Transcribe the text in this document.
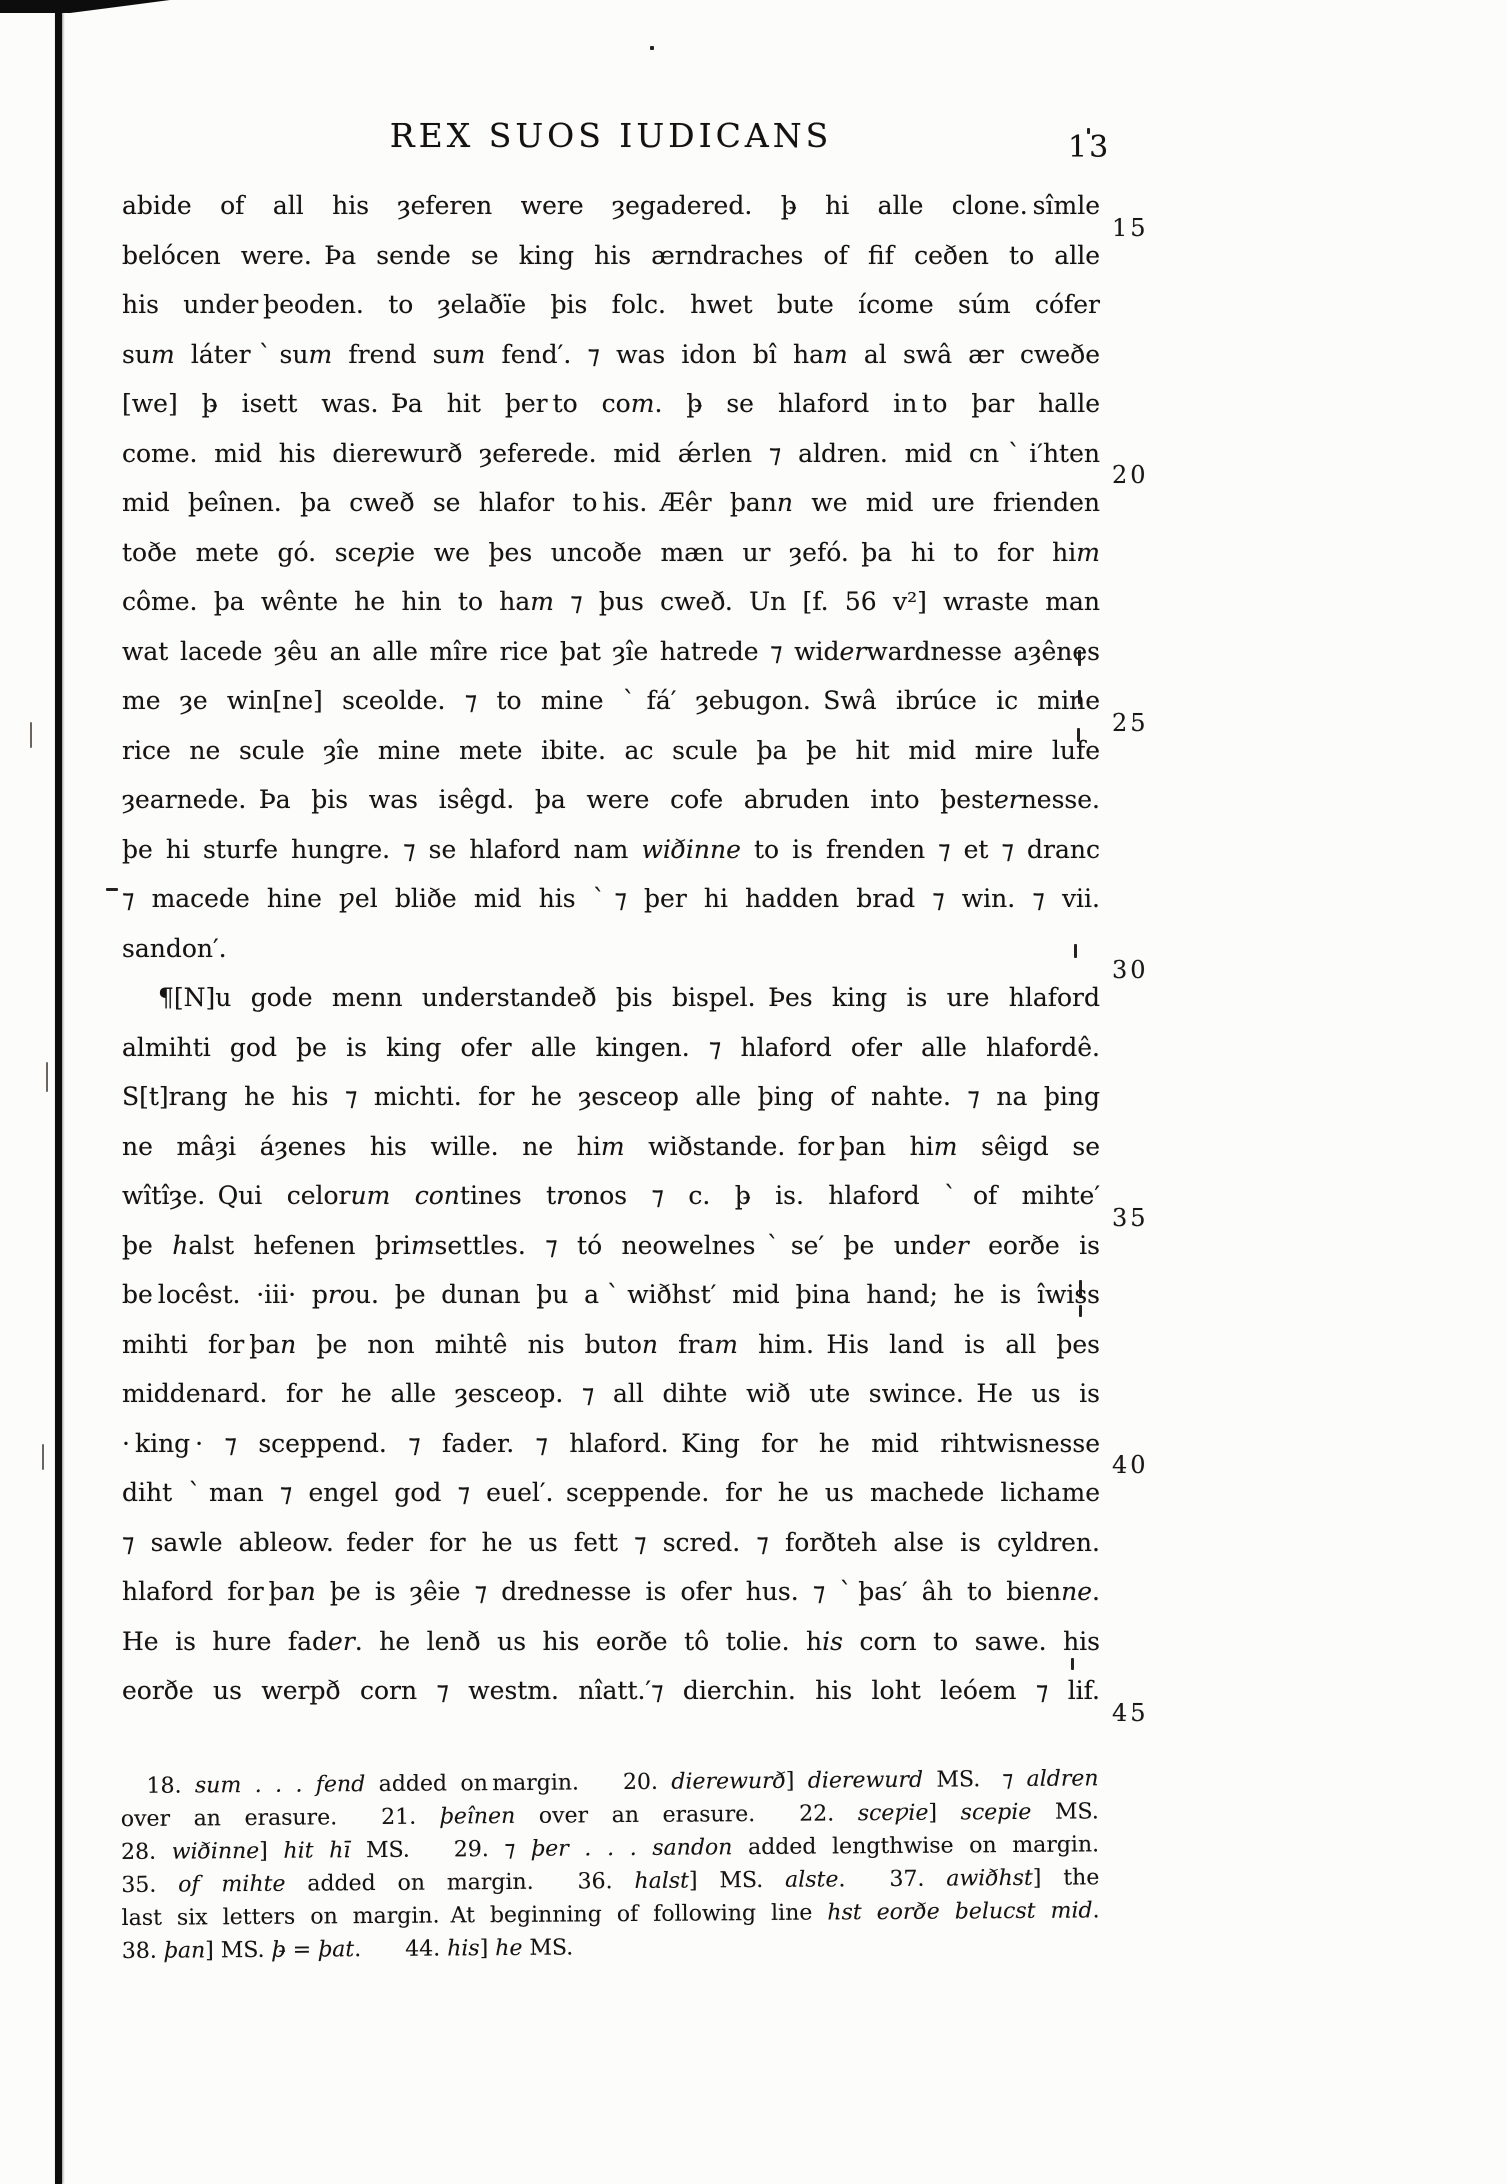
REX SUOS IUDICANS	13
abide of all his ȝeferen were ȝegadered. þ̵ hi alle clone. sîmle
belócen were. Þa sende se king his ærndraches of fif ceðen to alle
his under þeoden. to ȝelaðïe þis folc. hwet bute ícome súm cófer
sum láterˋsum frend sum fend′. ⁊ was idon bî ham al swâ ær cweðe
[we] þ̵ isett was. Þa hit þer to com. þ̵ se hlaford in to þar halle
come. mid his dierewurð ȝeferede. mid ǽrlen ⁊ aldren. mid cnˋi′hten
mid þeînen. þa cweð se hlafor to his. Æêr þann we mid ure frienden
toðe mete gó. sceƿie we þes uncoðe mæn ur ȝefó. þa hi to for him
côme. þa wênte he hin to ham ⁊ þus cweð. Un [f. 56 v²] wraste man
wat lacede ȝêu an alle mîre rice þat ȝîe hatrede ⁊ widerwardnesse aȝênes
me ȝe win[ne] sceolde. ⁊ to mine ˋfá′ ȝebugon. Swâ ibrúce ic mine
rice ne scule ȝîe mine mete ibite. ac scule þa þe hit mid mire lufe
ȝearnede. Þa þis was isêgd. þa were cofe abruden into þesternesse.
þe hi sturfe hungre. ⁊ se hlaford nam wiðinne to is frenden ⁊ et ⁊ dranc
⁊ macede hine ƿel bliðe mid his ˋ⁊ þer hi hadden brad ⁊ win. ⁊ vii.
sandon′.
¶[N]u gode menn understandeð þis bispel. Þes king is ure hlaford
almihti god þe is king ofer alle kingen. ⁊ hlaford ofer alle hlafordê.
S[t]rang he his ⁊ michti. for he ȝesceop alle þing of nahte. ⁊ na þing
ne mâȝi áȝenes his wille. ne him wiðstande. for þan him sêigd se
wîtîȝe. Qui celorum contines tronos ⁊ c. þ̵ is. hlaford ˋof mihte′
þe halst hefenen þrimsettles. ⁊ tó neowelnesˋse′ þe under eorðe is
be locêst. ·iii· prou. þe dunan þu aˋwiðhst′ mid þina hand; he is îwiss
mihti for þan þe non mihtê nis buton fram him. His land is all þes
middenard. for he alle ȝesceop. ⁊ all dihte wið ute swince. He us is
· king · ⁊ sceppend. ⁊ fader. ⁊ hlaford. King for he mid rihtwisnesse
diht ˋman ⁊ engel god ⁊ euel′. sceppende. for he us machede lichame
⁊ sawle ableow. feder for he us fett ⁊ scred. ⁊ forðteh alse is cyldren.
hlaford for þan þe is ȝêie ⁊ drednesse is ofer hus. ⁊ ˋþas′ âh to bienne.
He is hure fader. he lenð us his eorðe tô tolie. his corn to sawe. his
eorðe us werpð corn ⁊ westm. nîatt.′⁊ dierchin. his loht leóem ⁊ lif.
15
20
25
30
35
40
45
18. sum . . . fend added on margin.  20. dierewurð] dierewurd MS. ⁊ aldren
over an erasure.  21. þeînen over an erasure.  22. sceƿie] scepie MS.
28. wiðinne] hit hī MS.  29. ⁊ þer . . . sandon added lengthwise on margin.
35. of mihte added on margin.  36. halst] MS. alste.  37. awiðhst] the
last six letters on margin. At beginning of following line hst eorðe belucst mid.
38. þan] MS. þ̵ = þat.  44. his] he MS.
